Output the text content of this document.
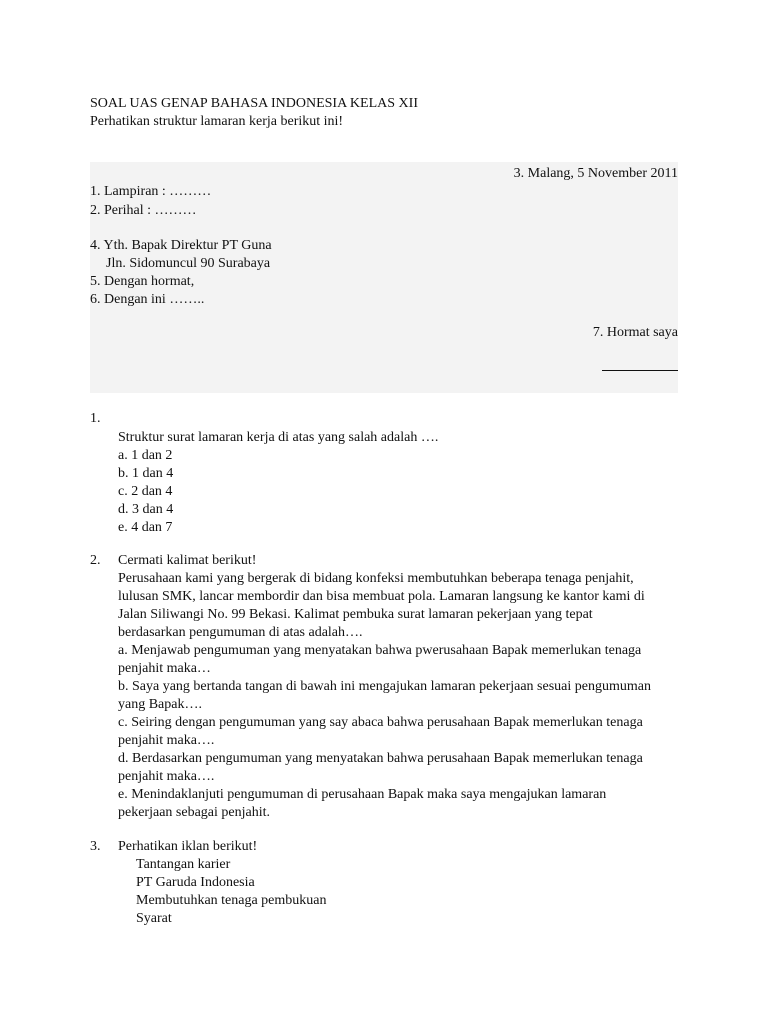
SOAL UAS GENAP BAHASA INDONESIA KELAS XII
Perhatikan struktur lamaran kerja berikut ini!
3. Malang, 5 November 2011
1. Lampiran : ………
2. Perihal : ………
4. Yth. Bapak Direktur PT Guna
Jln. Sidomuncul 90 Surabaya
5. Dengan hormat,
6. Dengan ini ……..
7. Hormat saya
1.

Struktur surat lamaran kerja di atas yang salah adalah ….

a. 1 dan 2

b. 1 dan 4

c. 2 dan 4

d. 3 dan 4

e. 4 dan 7

2. Cermati kalimat berikut!

Perusahaan kami yang bergerak di bidang konfeksi membutuhkan beberapa tenaga penjahit, lulusan SMK, lancar membordir dan bisa membuat pola. Lamaran langsung ke kantor kami di Jalan Siliwangi No. 99 Bekasi. Kalimat pembuka surat lamaran pekerjaan yang tepat berdasarkan pengumuman di atas adalah….

a. Menjawab pengumuman yang menyatakan bahwa pwerusahaan Bapak memerlukan tenaga penjahit maka…

b. Saya yang bertanda tangan di bawah ini mengajukan lamaran pekerjaan sesuai pengumuman yang Bapak….

c. Seiring dengan pengumuman yang say abaca bahwa perusahaan Bapak memerlukan tenaga penjahit maka….

d. Berdasarkan pengumuman yang menyatakan bahwa perusahaan Bapak memerlukan tenaga penjahit maka….

e. Menindaklanjuti pengumuman di perusahaan Bapak maka saya mengajukan lamaran pekerjaan sebagai penjahit.

3. Perhatikan iklan berikut!

Tantangan karier

PT Garuda Indonesia

Membutuhkan tenaga pembukuan

Syarat
